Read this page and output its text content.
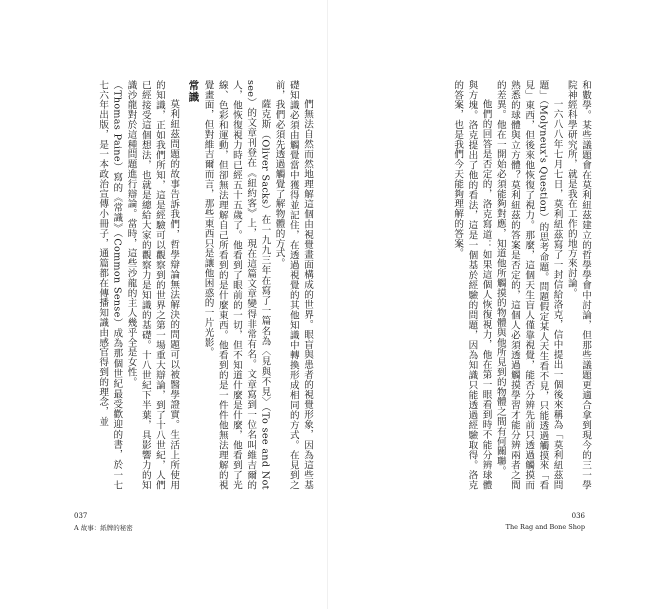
們無法自然而然地理解這個由視覺畫面構成的世界。眼盲與患者的視覺形象，因為這些基礎知識必須由觸覺當中獲得並記住，在透過視覺的其他知識中轉換形成相同的方式。在見到之前，我們必須先透過觸覺了解物體的方式。

薩克斯（Oliver Sacks）在一九九三年在寫了一篇名為〈見與不見〉（To see and Not see）的文章刊登在《紐約客》上，現在這篇文章變得非常有名。文章寫到一位名叫維吉爾的人，他恢復視力時已經五十五歲了。他看到了眼前的一切，但不知道什麼是什麼，他看到了光線、色彩和運動，但卻無法理解自己所看到的是什麼東西。他看到的是一件件他無法理解的視覺畫面，但對維吉爾而言，那些東西只是讓他困惑的一片光影。

常識

莫利紐茲問題的故事告訴我們，哲學辯論無法解決的問題可以被醫學證實。生活上所使用的知識，正如我們所知，這是經驗可以觀察到的世界之第一場重大辯論，到了十八世紀，人們已經接受這個想法，也就是總給大家的觀察力是知識的基礎。十八世紀下半葉，具影響力的知識沙龍對於這種問題進行辯論。當時，這些沙龍的主人幾乎全是女性。

（Thomas Paine）寫的《常識》（Common Sense）成為那個世紀最受歡迎的書，於一七七六年出版，是一本政治宣傳小冊子，通篇都在傳播知識由感官得到的理念，並	和數學。某些議題會在莫利紐茲建立的哲學學會中討論，但那些議題更適合拿到現今的三一學院神經科學研究所，就是我在工作的地方來討論。

一六八八年七月七日，莫利紐茲寫了一封信給洛克，信中提出一個後來稱為「莫利紐茲問題」（Molyneux's Question）的思考命題。問題假定某人天生看不見，只能透過觸摸來「看見」東西，但後來他恢復了視力。那麼，這個天生盲人僅靠視覺，能否分辨先前只透過觸摸而熟悉的球體與立方體？莫利紐茲的答案是否定的，這個人必須透過觸摸學習才能分辨兩者之間的差異。他在一開始必須能夠對應，知道他所觸摸的物體與他所見到的物體之間有何關聯。

他們的回答是否定的，洛克寫道：如果這個人恢復視力，他在第一眼看到時不能分辨球體與方塊。洛克提出了他的看法，這是一個基於經驗的問題，因為知識只能透過經驗取得。洛克的答案，也是我們今天能夠理解的答案。

037
A 故事：紙牌的秘密
036
The Rag and Bone Shop
